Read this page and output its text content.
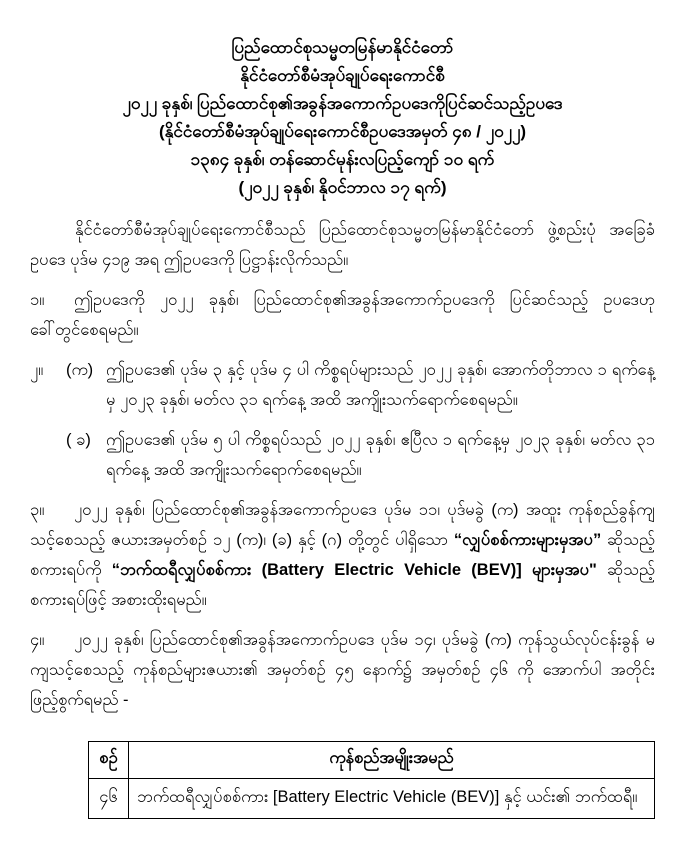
ပြည်ထောင်စုသမ္မတမြန်မာနိုင်ငံတော်
နိုင်ငံတော်စီမံအုပ်ချုပ်ရေးကောင်စီ
၂၀၂၂ ခုနှစ်၊ ပြည်ထောင်စု၏အခွန်အကောက်ဥပဒေကိုပြင်ဆင်သည့်ဥပဒေ
(နိုင်ငံတော်စီမံအုပ်ချုပ်ရေးကောင်စီဥပဒေအမှတ် ၄၈ / ၂၀၂၂)
၁၃၈၄ ခုနှစ်၊ တန်ဆောင်မုန်းလပြည့်ကျော် ၁၀ ရက်
(၂၀၂၂ ခုနှစ်၊ နိုဝင်ဘာလ ၁၇ ရက်)

နိုင်ငံတော်စီမံအုပ်ချုပ်ရေးကောင်စီသည် ပြည်ထောင်စုသမ္မတမြန်မာနိုင်ငံတော် ဖွဲ့စည်းပုံ အခြေခံဥပဒေ ပုဒ်မ ၄၁၉ အရ ဤဥပဒေကို ပြဋ္ဌာန်းလိုက်သည်။

၁။ ဤဥပဒေကို ၂၀၂၂ ခုနှစ်၊ ပြည်ထောင်စု၏အခွန်အကောက်ဥပဒေကို ပြင်ဆင်သည့် ဥပဒေဟု ခေါ်တွင်စေရမည်။
၂။	(က) ဤဥပဒေ၏ ပုဒ်မ ၃ နှင့် ပုဒ်မ ၄ ပါ ကိစ္စရပ်များသည် ၂၀၂၂ ခုနှစ်၊ အောက်တိုဘာလ ၁ ရက်နေ့မှ ၂၀၂၃ ခုနှစ်၊ မတ်လ ၃၁ ရက်နေ့ အထိ အကျိုးသက်ရောက်စေရမည်။
( ခ) ဤဥပဒေ၏ ပုဒ်မ ၅ ပါ ကိစ္စရပ်သည် ၂၀၂၂ ခုနှစ်၊ ဧပြီလ ၁ ရက်နေ့မှ ၂၀၂၃ ခုနှစ်၊ မတ်လ ၃၁ ရက်နေ့ အထိ အကျိုးသက်ရောက်စေရမည်။
၃။ ၂၀၂၂ ခုနှစ်၊ ပြည်ထောင်စု၏အခွန်အကောက်ဥပဒေ ပုဒ်မ ၁၁၊ ပုဒ်မခွဲ (က) အထူး ကုန်စည်ခွန်ကျသင့်စေသည့် ဇယားအမှတ်စဉ် ၁၂ (က)၊ (ခ) နှင့် (ဂ) တို့တွင် ပါရှိသော “လျှပ်စစ်ကားများမှအပ” ဆိုသည့် စကားရပ်ကို “ဘက်ထရီလျှပ်စစ်ကား (Battery Electric Vehicle (BEV)] များမှအပ" ဆိုသည့် စကားရပ်ဖြင့် အစားထိုးရမည်။
၄။ ၂၀၂၂ ခုနှစ်၊ ပြည်ထောင်စု၏အခွန်အကောက်ဥပဒေ ပုဒ်မ ၁၄၊ ပုဒ်မခွဲ (က) ကုန်သွယ်လုပ်ငန်းခွန် မကျသင့်စေသည့် ကုန်စည်များဇယား၏ အမှတ်စဉ် ၄၅ နောက်၌ အမှတ်စဉ် ၄၆ ကို အောက်ပါ အတိုင်း ဖြည့်စွက်ရမည် -
စဉ်	ကုန်စည်အမျိုးအမည်
၄၆	ဘက်ထရီလျှပ်စစ်ကား [Battery Electric Vehicle (BEV)] နှင့် ယင်း၏ ဘက်ထရီ။
